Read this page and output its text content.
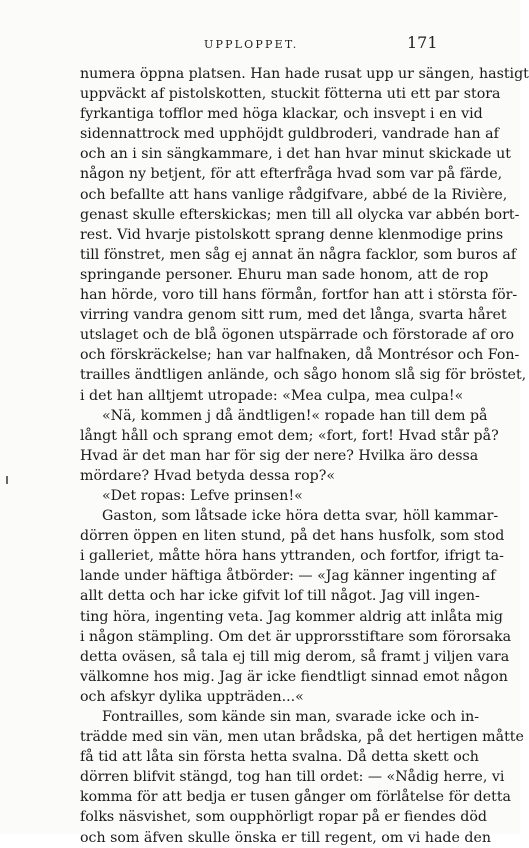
UPPLOPPET.	171
numera öppna platsen. Han hade rusat upp ur sängen, hastigt
uppväckt af pistolskotten, stuckit fötterna uti ett par stora
fyrkantiga tofflor med höga klackar, och insvept i en vid
sidennattrock med upphöjdt guldbroderi, vandrade han af
och an i sin sängkammare, i det han hvar minut skickade ut
någon ny betjent, för att efterfråga hvad som var på färde,
och befallte att hans vanlige rådgifvare, abbé de la Rivière,
genast skulle efterskickas; men till all olycka var abbén bort-
rest. Vid hvarje pistolskott sprang denne klenmodige prins
till fönstret, men såg ej annat än några facklor, som buros af
springande personer. Ehuru man sade honom, att de rop
han hörde, voro till hans förmån, fortfor han att i största för-
virring vandra genom sitt rum, med det långa, svarta håret
utslaget och de blå ögonen utspärrade och förstorade af oro
och förskräckelse; han var halfnaken, då Montrésor och Fon-
trailles ändtligen anlände, och sågo honom slå sig för bröstet,
i det han alltjemt utropade: «Mea culpa, mea culpa!«
«Nä, kommen j då ändtligen!« ropade han till dem på
långt håll och sprang emot dem; «fort, fort! Hvad står på?
Hvad är det man har för sig der nere? Hvilka äro dessa
mördare? Hvad betyda dessa rop?«
«Det ropas: Lefve prinsen!«
Gaston, som låtsade icke höra detta svar, höll kammar-
dörren öppen en liten stund, på det hans husfolk, som stod
i galleriet, måtte höra hans yttranden, och fortfor, ifrigt ta-
lande under häftiga åtbörder: — «Jag känner ingenting af
allt detta och har icke gifvit lof till något. Jag vill ingen-
ting höra, ingenting veta. Jag kommer aldrig att inlåta mig
i någon stämpling. Om det är upprorsstiftare som förorsaka
detta oväsen, så tala ej till mig derom, så framt j viljen vara
välkomne hos mig. Jag är icke fiendtligt sinnad emot någon
och afskyr dylika uppträden...«
Fontrailles, som kände sin man, svarade icke och in-
trädde med sin vän, men utan brådska, på det hertigen måtte
få tid att låta sin första hetta svalna. Då detta skett och
dörren blifvit stängd, tog han till ordet: — «Nådig herre, vi
komma för att bedja er tusen gånger om förlåtelse för detta
folks näsvishet, som oupphörligt ropar på er fiendes död
och som äfven skulle önska er till regent, om vi hade den
